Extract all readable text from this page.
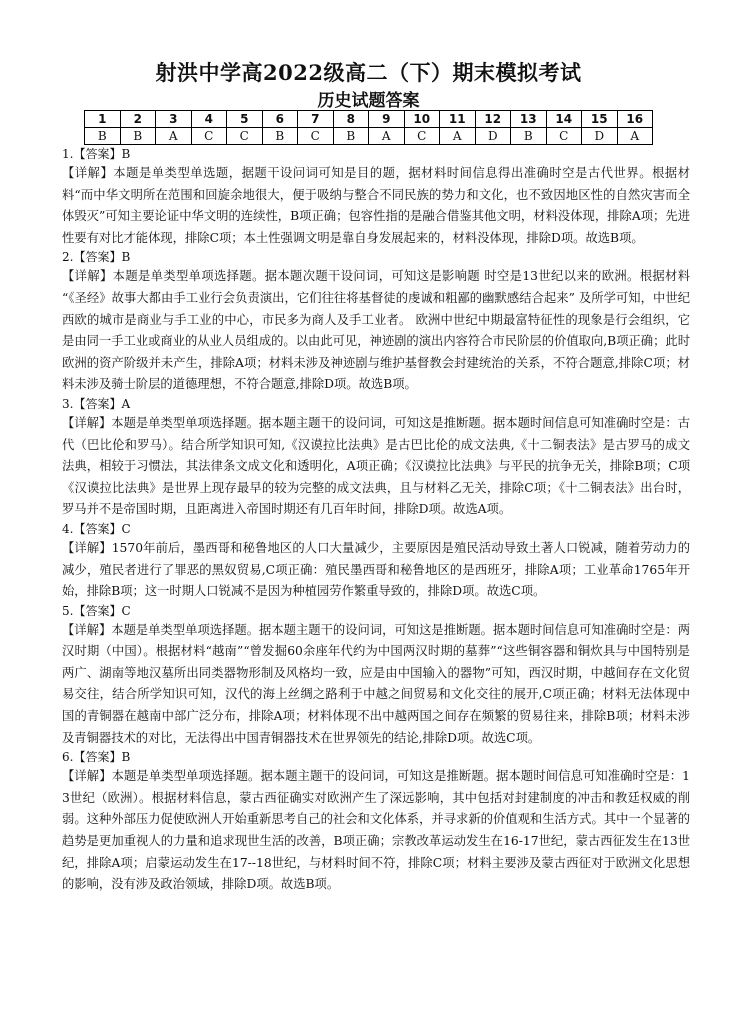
射洪中学高2022级高二（下）期末模拟考试
历史试题答案
1	2	3	4	5	6	7	8	9	10	11	12	13	14	15	16
B	B	A	C	C	B	C	B	A	C	A	D	B	C	D	A
1.【答案】B
【详解】本题是单类型单选题，据题干设问词可知是目的题，据材料时间信息得出准确时空是古代世界。根据材料“而中华文明所在范围和回旋余地很大，便于吸纳与整合不同民族的势力和文化，也不致因地区性的自然灾害而全体毁灭”可知主要论证中华文明的连续性，B项正确；包容性指的是融合借鉴其他文明，材料没体现，排除A项；先进性要有对比才能体现，排除C项；本土性强调文明是靠自身发展起来的，材料没体现，排除D项。故选B项。
2.【答案】B
【详解】本题是单类型单项选择题。据本题次题干设问词，可知这是影响题 时空是13世纪以来的欧洲。根据材料 “《圣经》故事大都由手工业行会负责演出，它们往往将基督徒的虔诚和粗鄙的幽默感结合起来” 及所学可知，中世纪西欧的城市是商业与手工业的中心，市民多为商人及手工业者。 欧洲中世纪中期最富特征性的现象是行会组织，它是由同一手工业或商业的从业人员组成的。以由此可见，神迹剧的演出内容符合市民阶层的价值取向,B项正确；此时欧洲的资产阶级并未产生，排除A项；材料未涉及神迹剧与维护基督教会封建统治的关系，不符合题意,排除C项；材料未涉及骑士阶层的道德理想，不符合题意,排除D项。故选B项。
3.【答案】A
【详解】本题是单类型单项选择题。据本题主题干的设问词，可知这是推断题。据本题时间信息可知准确时空是：古代（巴比伦和罗马）。结合所学知识可知,《汉谟拉比法典》是古巴比伦的成文法典,《十二铜表法》是古罗马的成文法典，相较于习惯法，其法律条文成文化和透明化，A项正确；《汉谟拉比法典》与平民的抗争无关，排除B项；C项《汉谟拉比法典》是世界上现存最早的较为完整的成文法典，且与材料乙无关，排除C项；《十二铜表法》出台时，罗马并不是帝国时期，且距离进入帝国时期还有几百年时间，排除D项。故选A项。
4.【答案】C
【详解】1570年前后，墨西哥和秘鲁地区的人口大量减少，主要原因是殖民活动导致土著人口锐减，随着劳动力的减少，殖民者进行了罪恶的黑奴贸易,C项正确：殖民墨西哥和秘鲁地区的是西班牙，排除A项；工业革命1765年开始，排除B项；这一时期人口锐减不是因为种植园劳作繁重导致的，排除D项。故选C项。
5.【答案】C
【详解】本题是单类型单项选择题。据本题主题干的设问词，可知这是推断题。据本题时间信息可知准确时空是：两汉时期（中国）。根据材料“越南”“曾发掘60余座年代约为中国两汉时期的墓葬”“这些铜容器和铜炊具与中国特别是两广、湖南等地汉墓所出同类器物形制及风格均一致，应是由中国输入的器物”可知，西汉时期，中越间存在文化贸易交往，结合所学知识可知，汉代的海上丝绸之路利于中越之间贸易和文化交往的展开,C项正确；材料无法体现中国的青铜器在越南中部广泛分布，排除A项；材料体现不出中越两国之间存在频繁的贸易往来，排除B项；材料未涉及青铜器技术的对比，无法得出中国青铜器技术在世界领先的结论,排除D项。故选C项。
6.【答案】B
【详解】本题是单类型单项选择题。据本题主题干的设问词，可知这是推断题。据本题时间信息可知准确时空是：13世纪（欧洲）。根据材料信息，蒙古西征确实对欧洲产生了深远影响，其中包括对封建制度的冲击和教廷权威的削弱。这种外部压力促使欧洲人开始重新思考自己的社会和文化体系，并寻求新的价值观和生活方式。其中一个显著的趋势是更加重视人的力量和追求现世生活的改善，B项正确；宗教改革运动发生在16-17世纪，蒙古西征发生在13世纪，排除A项；启蒙运动发生在17--18世纪，与材料时间不符，排除C项；材料主要涉及蒙古西征对于欧洲文化思想的影响，没有涉及政治领域，排除D项。故选B项。
